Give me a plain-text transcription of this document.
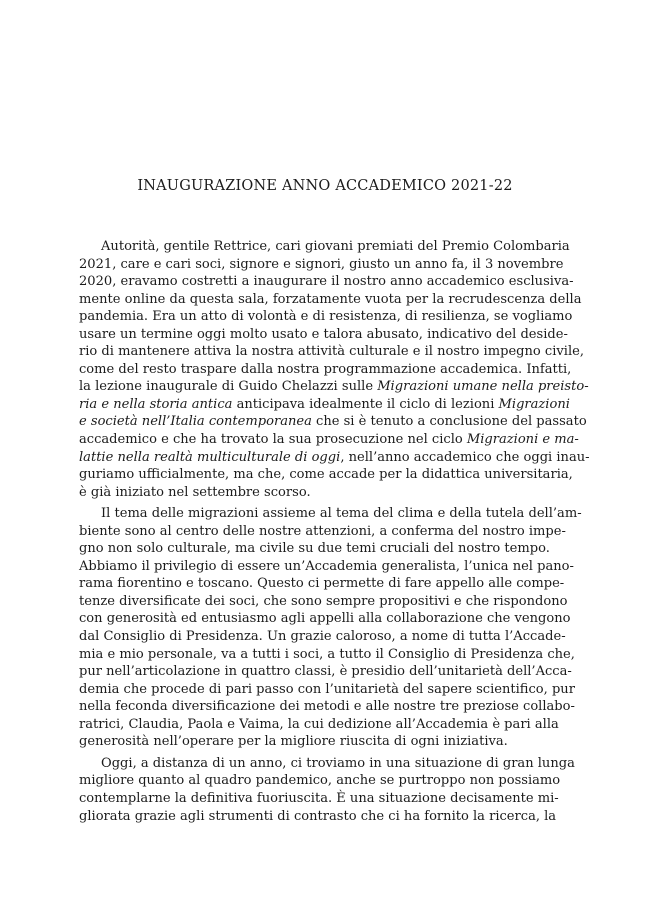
INAUGURAZIONE ANNO ACCADEMICO 2021-22
Autorità, gentile Rettrice, cari giovani premiati del Premio Colombaria
2021, care e cari soci, signore e signori, giusto un anno fa, il 3 novembre
2020, eravamo costretti a inaugurare il nostro anno accademico esclusiva-
mente online da questa sala, forzatamente vuota per la recrudescenza della
pandemia. Era un atto di volontà e di resistenza, di resilienza, se vogliamo
usare un termine oggi molto usato e talora abusato, indicativo del deside-
rio di mantenere attiva la nostra attività culturale e il nostro impegno civile,
come del resto traspare dalla nostra programmazione accademica. Infatti,
la lezione inaugurale di Guido Chelazzi sulle Migrazioni umane nella preisto-
ria e nella storia antica anticipava idealmente il ciclo di lezioni Migrazioni
e società nell’Italia contemporanea che si è tenuto a conclusione del passato
accademico e che ha trovato la sua prosecuzione nel ciclo Migrazioni e ma-
lattie nella realtà multiculturale di oggi, nell’anno accademico che oggi inau-
guriamo ufficialmente, ma che, come accade per la didattica universitaria,
è già iniziato nel settembre scorso.
Il tema delle migrazioni assieme al tema del clima e della tutela dell’am-
biente sono al centro delle nostre attenzioni, a conferma del nostro impe-
gno non solo culturale, ma civile su due temi cruciali del nostro tempo.
Abbiamo il privilegio di essere un’Accademia generalista, l’unica nel pano-
rama fiorentino e toscano. Questo ci permette di fare appello alle compe-
tenze diversificate dei soci, che sono sempre propositivi e che rispondono
con generosità ed entusiasmo agli appelli alla collaborazione che vengono
dal Consiglio di Presidenza. Un grazie caloroso, a nome di tutta l’Accade-
mia e mio personale, va a tutti i soci, a tutto il Consiglio di Presidenza che,
pur nell’articolazione in quattro classi, è presidio dell’unitarietà dell’Acca-
demia che procede di pari passo con l’unitarietà del sapere scientifico, pur
nella feconda diversificazione dei metodi e alle nostre tre preziose collabo-
ratrici, Claudia, Paola e Vaima, la cui dedizione all’Accademia è pari alla
generosità nell’operare per la migliore riuscita di ogni iniziativa.
Oggi, a distanza di un anno, ci troviamo in una situazione di gran lunga
migliore quanto al quadro pandemico, anche se purtroppo non possiamo
contemplarne la definitiva fuoriuscita. È una situazione decisamente mi-
gliorata grazie agli strumenti di contrasto che ci ha fornito la ricerca, la
